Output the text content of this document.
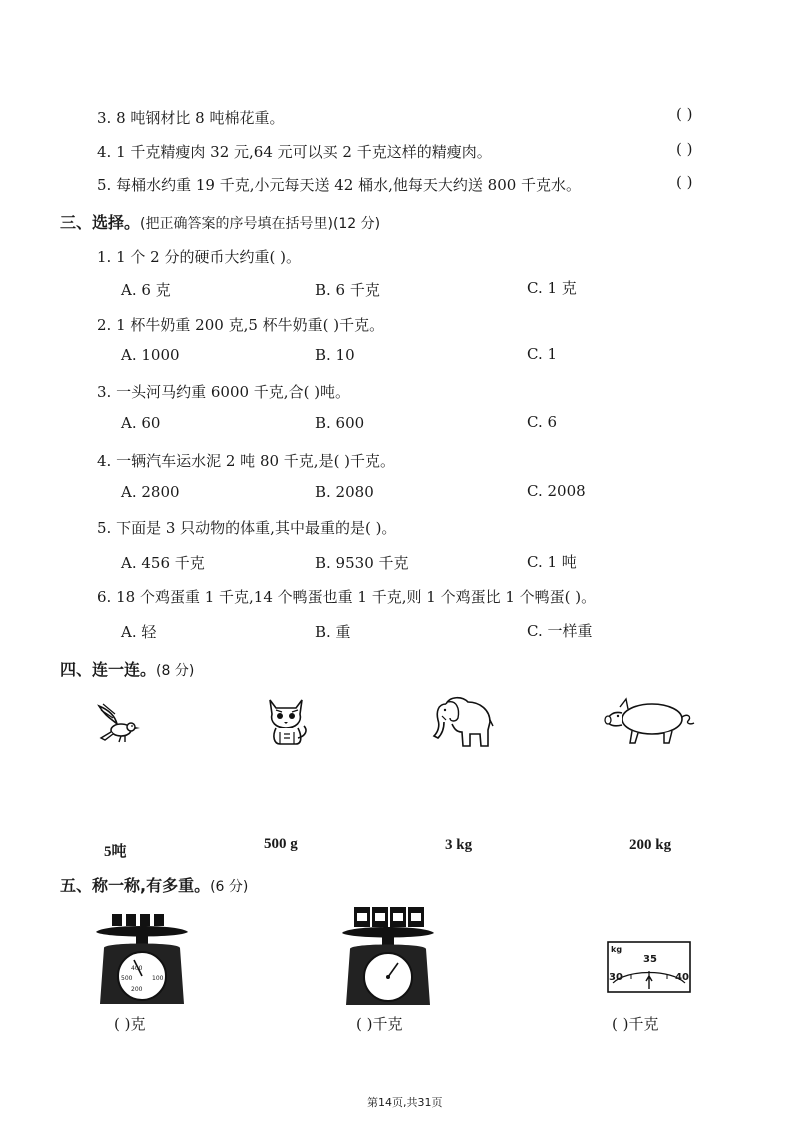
3. 8 吨钢材比 8 吨棉花重。	( )
4. 1 千克精瘦肉 32 元,64 元可以买 2 千克这样的精瘦肉。	( )
5. 每桶水约重 19 千克,小元每天送 42 桶水,他每天大约送 800 千克水。	( )
三、选择。(把正确答案的序号填在括号里)(12 分)
1. 1 个 2 分的硬币大约重( )。
A. 6 克	B. 6 千克	C. 1 克
2. 1 杯牛奶重 200 克,5 杯牛奶重( )千克。
A. 1000	B. 10	C. 1
3. 一头河马约重 6000 千克,合( )吨。
A. 60	B. 600	C. 6
4. 一辆汽车运水泥 2 吨 80 千克,是( )千克。
A. 2800	B. 2080	C. 2008
5. 下面是 3 只动物的体重,其中最重的是( )。
A. 456 千克	B. 9530 千克	C. 1 吨
6. 18 个鸡蛋重 1 千克,14 个鸭蛋也重 1 千克,则 1 个鸡蛋比 1 个鸭蛋( )。
A. 轻	B. 重	C. 一样重
四、连一连。(8 分)
5吨	500 g	3 kg	200 kg
五、称一称,有多重。(6 分)
400
500	100
200
( )克	( )千克
kg
30
35
40
( )千克
第14页,共31页
